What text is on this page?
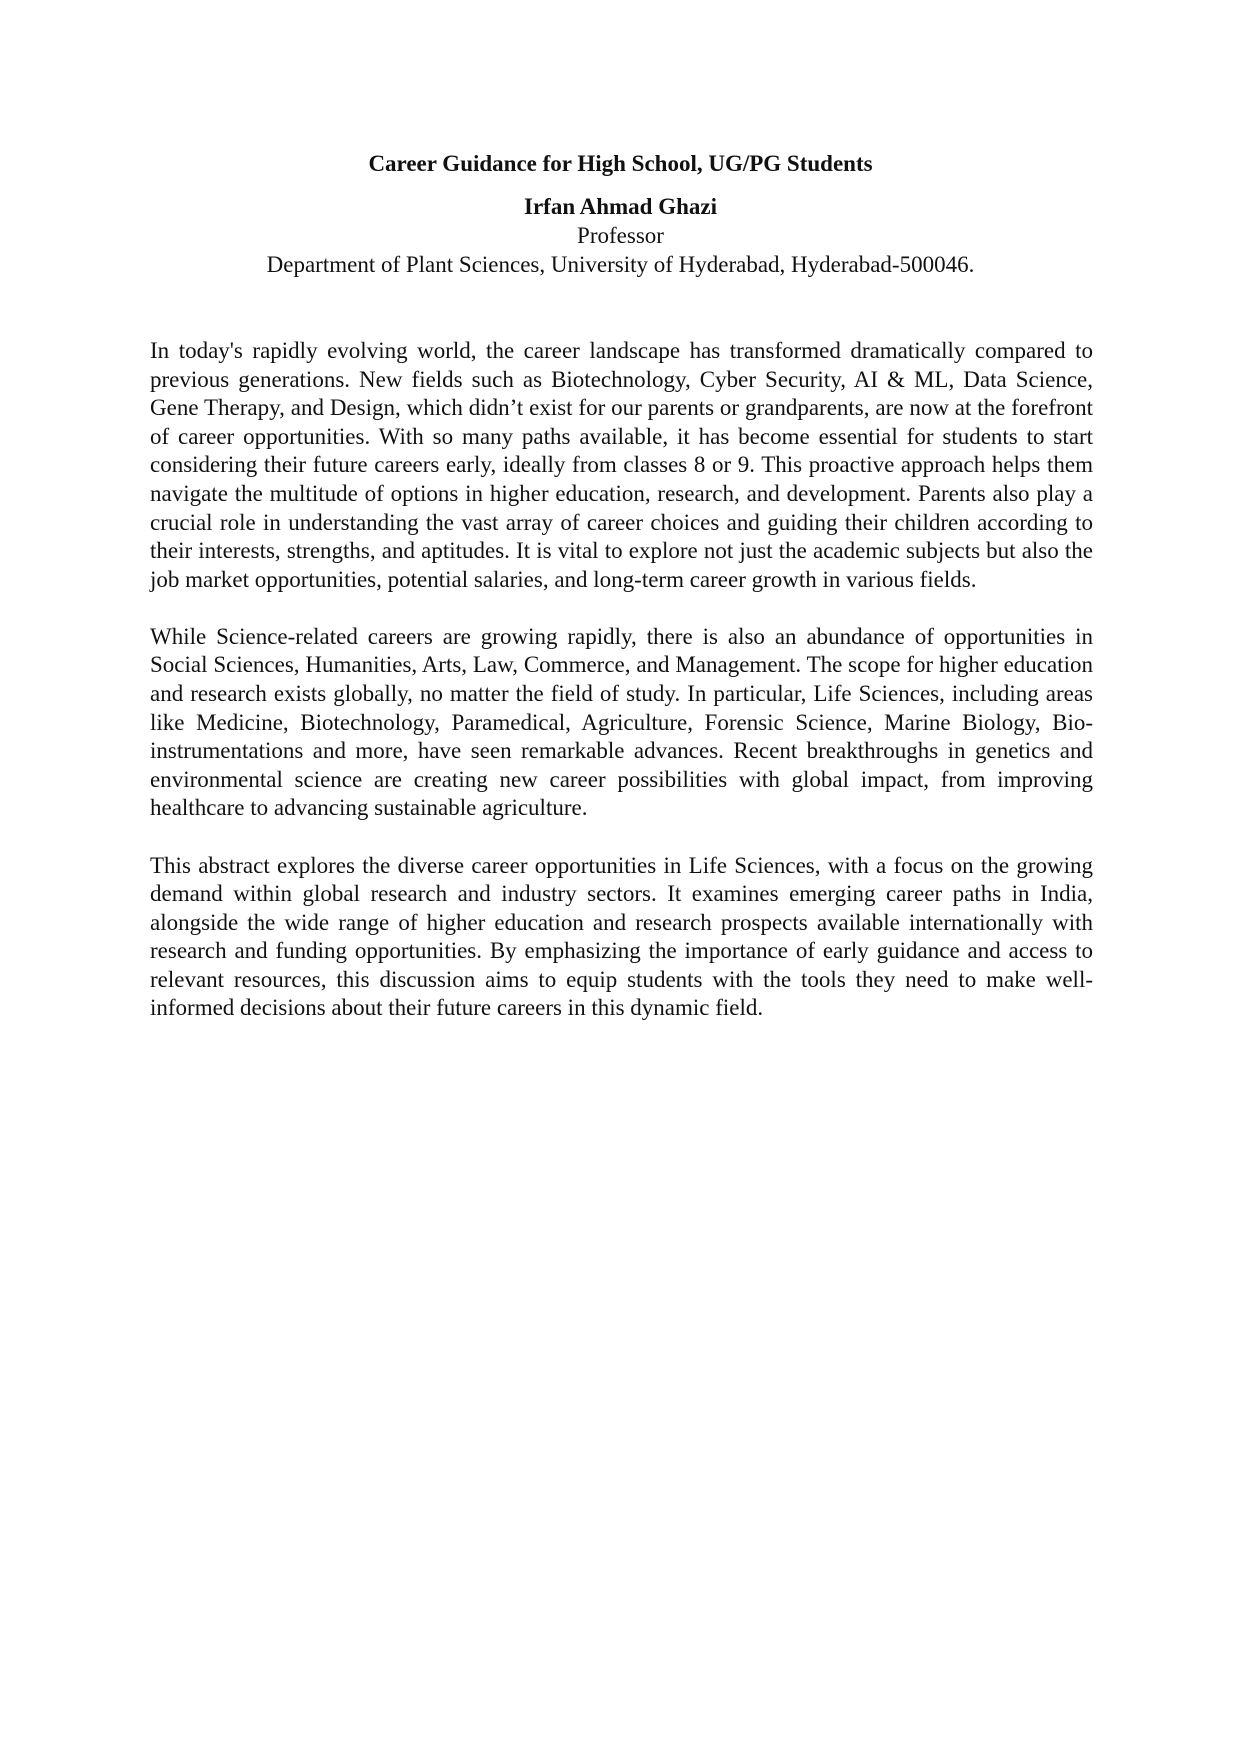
Career Guidance for High School, UG/PG Students
Irfan Ahmad Ghazi
Professor
Department of Plant Sciences, University of Hyderabad, Hyderabad-500046.

In today's rapidly evolving world, the career landscape has transformed dramatically compared to previous generations. New fields such as Biotechnology, Cyber Security, AI & ML, Data Science, Gene Therapy, and Design, which didn’t exist for our parents or grandparents, are now at the forefront of career opportunities. With so many paths available, it has become essential for students to start considering their future careers early, ideally from classes 8 or 9. This proactive approach helps them navigate the multitude of options in higher education, research, and development. Parents also play a crucial role in understanding the vast array of career choices and guiding their children according to their interests, strengths, and aptitudes. It is vital to explore not just the academic subjects but also the job market opportunities, potential salaries, and long-term career growth in various fields.

While Science-related careers are growing rapidly, there is also an abundance of opportunities in Social Sciences, Humanities, Arts, Law, Commerce, and Management. The scope for higher education and research exists globally, no matter the field of study. In particular, Life Sciences, including areas like Medicine, Biotechnology, Paramedical, Agriculture, Forensic Science, Marine Biology, Bio-instrumentations and more, have seen remarkable advances. Recent breakthroughs in genetics and environmental science are creating new career possibilities with global impact, from improving healthcare to advancing sustainable agriculture.

This abstract explores the diverse career opportunities in Life Sciences, with a focus on the growing demand within global research and industry sectors. It examines emerging career paths in India, alongside the wide range of higher education and research prospects available internationally with research and funding opportunities. By emphasizing the importance of early guidance and access to relevant resources, this discussion aims to equip students with the tools they need to make well-informed decisions about their future careers in this dynamic field.
